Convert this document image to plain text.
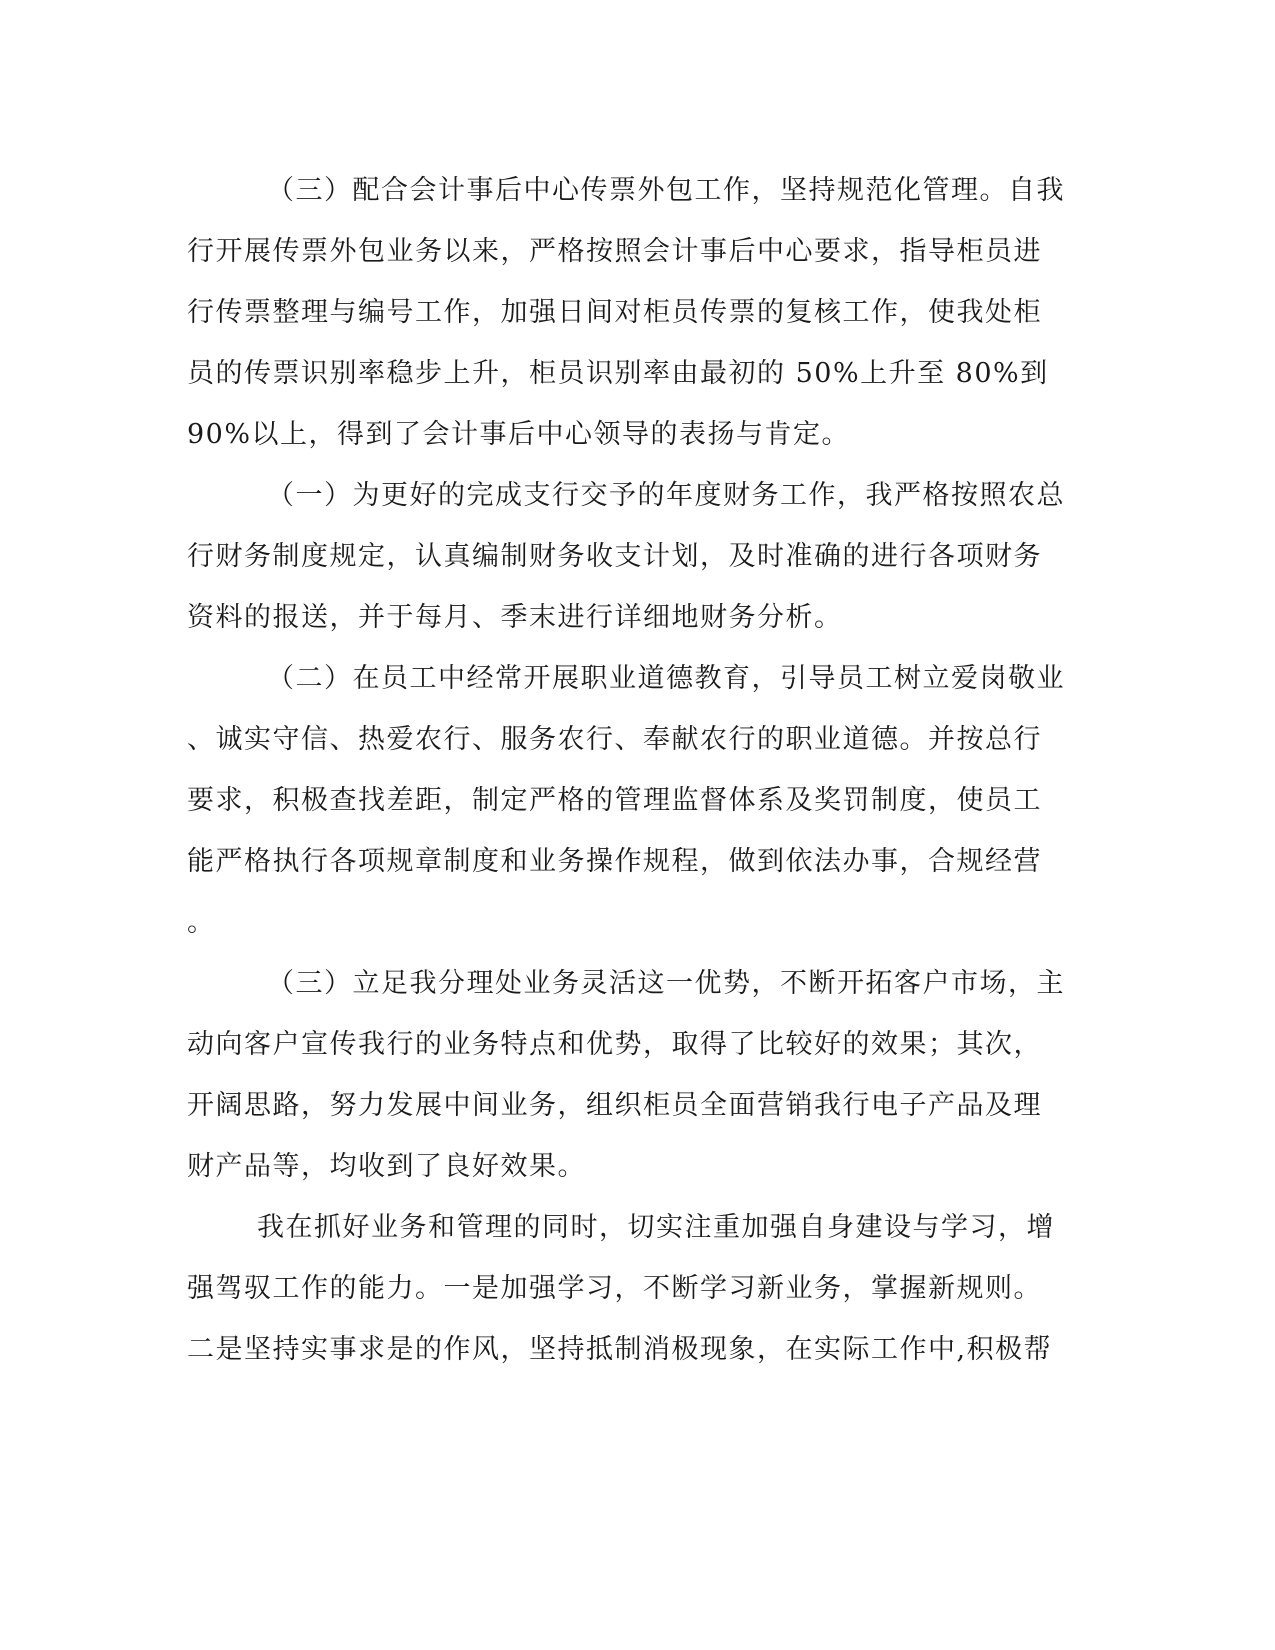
（三）配合会计事后中心传票外包工作，坚持规范化管理。自我
行开展传票外包业务以来，严格按照会计事后中心要求，指导柜员进
行传票整理与编号工作，加强日间对柜员传票的复核工作，使我处柜
员的传票识别率稳步上升，柜员识别率由最初的 50%上升至 80%到
90%以上，得到了会计事后中心领导的表扬与肯定。
（一）为更好的完成支行交予的年度财务工作，我严格按照农总
行财务制度规定，认真编制财务收支计划，及时准确的进行各项财务
资料的报送，并于每月、季末进行详细地财务分析。
（二）在员工中经常开展职业道德教育，引导员工树立爱岗敬业
、诚实守信、热爱农行、服务农行、奉献农行的职业道德。并按总行
要求，积极查找差距，制定严格的管理监督体系及奖罚制度，使员工
能严格执行各项规章制度和业务操作规程，做到依法办事，合规经营
。
（三）立足我分理处业务灵活这一优势，不断开拓客户市场，主
动向客户宣传我行的业务特点和优势，取得了比较好的效果；其次，
开阔思路，努力发展中间业务，组织柜员全面营销我行电子产品及理
财产品等，均收到了良好效果。
我在抓好业务和管理的同时，切实注重加强自身建设与学习，增
强驾驭工作的能力。一是加强学习，不断学习新业务，掌握新规则。
二是坚持实事求是的作风，坚持抵制消极现象，在实际工作中,积极帮
